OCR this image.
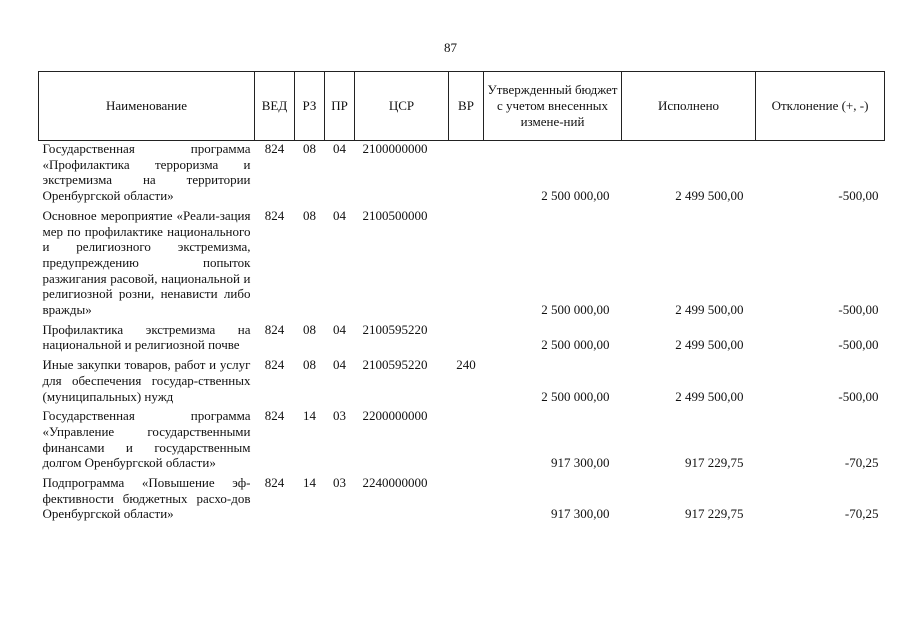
87
Наименование	ВЕД	РЗ	ПР	ЦСР	ВР	Утвержденный бюджет с учетом внесенных измене-ний	Исполнено	Отклонение (+, -)
Государственная программа «Профилактика терроризма и экстремизма на территории Оренбургской области»	824	08	04	2100000000		2 500 000,00	2 499 500,00	-500,00
Основное мероприятие «Реали-зация мер по профилактике национального и религиозного экстремизма, предупреждению попыток разжигания расовой, национальной и религиозной розни, ненависти либо вражды»	824	08	04	2100500000		2 500 000,00	2 499 500,00	-500,00
Профилактика экстремизма на национальной и религиозной почве	824	08	04	2100595220		2 500 000,00	2 499 500,00	-500,00
Иные закупки товаров, работ и услуг для обеспечения государ-ственных (муниципальных) нужд	824	08	04	2100595220	240	2 500 000,00	2 499 500,00	-500,00
Государственная программа «Управление государственными финансами и государственным долгом Оренбургской области»	824	14	03	2200000000		917 300,00	917 229,75	-70,25
Подпрограмма «Повышение эф-фективности бюджетных расхо-дов Оренбургской области»	824	14	03	2240000000		917 300,00	917 229,75	-70,25
